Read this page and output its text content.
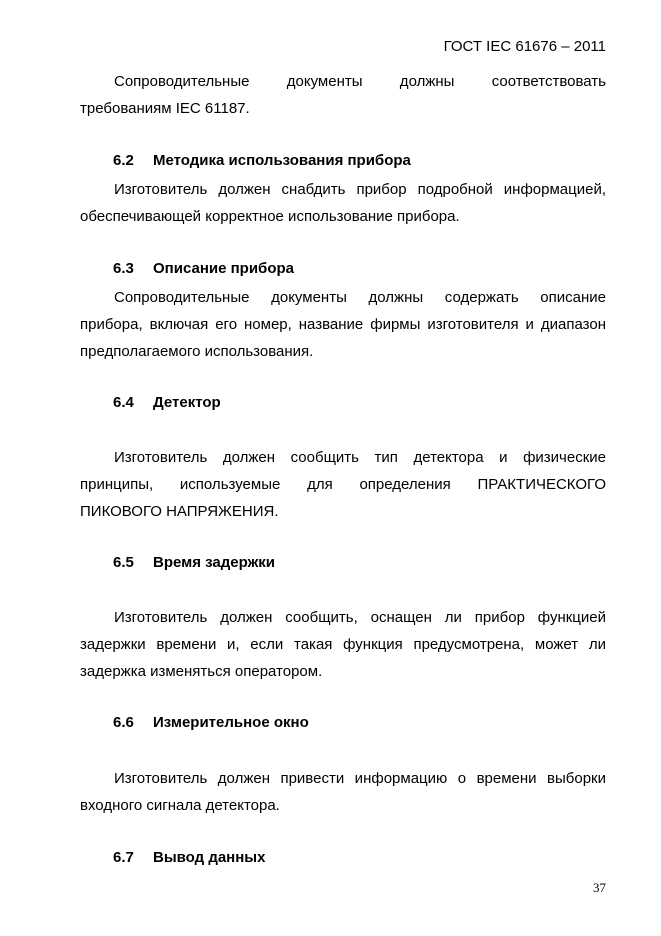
ГОСТ IEC 61676 – 2011
Сопроводительные документы должны соответствовать
требованиям IEC 61187.
6.2 Методика использования прибора
Изготовитель должен снабдить прибор подробной информацией,
обеспечивающей корректное использование прибора.
6.3 Описание прибора
Сопроводительные документы должны содержать описание
прибора, включая его номер, название фирмы изготовителя и диапазон
предполагаемого использования.
6.4 Детектор
Изготовитель должен сообщить тип детектора и физические
принципы, используемые для определения ПРАКТИЧЕСКОГО
ПИКОВОГО НАПРЯЖЕНИЯ.
6.5 Время задержки
Изготовитель должен сообщить, оснащен ли прибор функцией
задержки времени и, если такая функция предусмотрена, может ли
задержка изменяться оператором.
6.6 Измерительное окно
Изготовитель должен привести информацию о времени выборки
входного сигнала детектора.
6.7 Вывод данных
37
